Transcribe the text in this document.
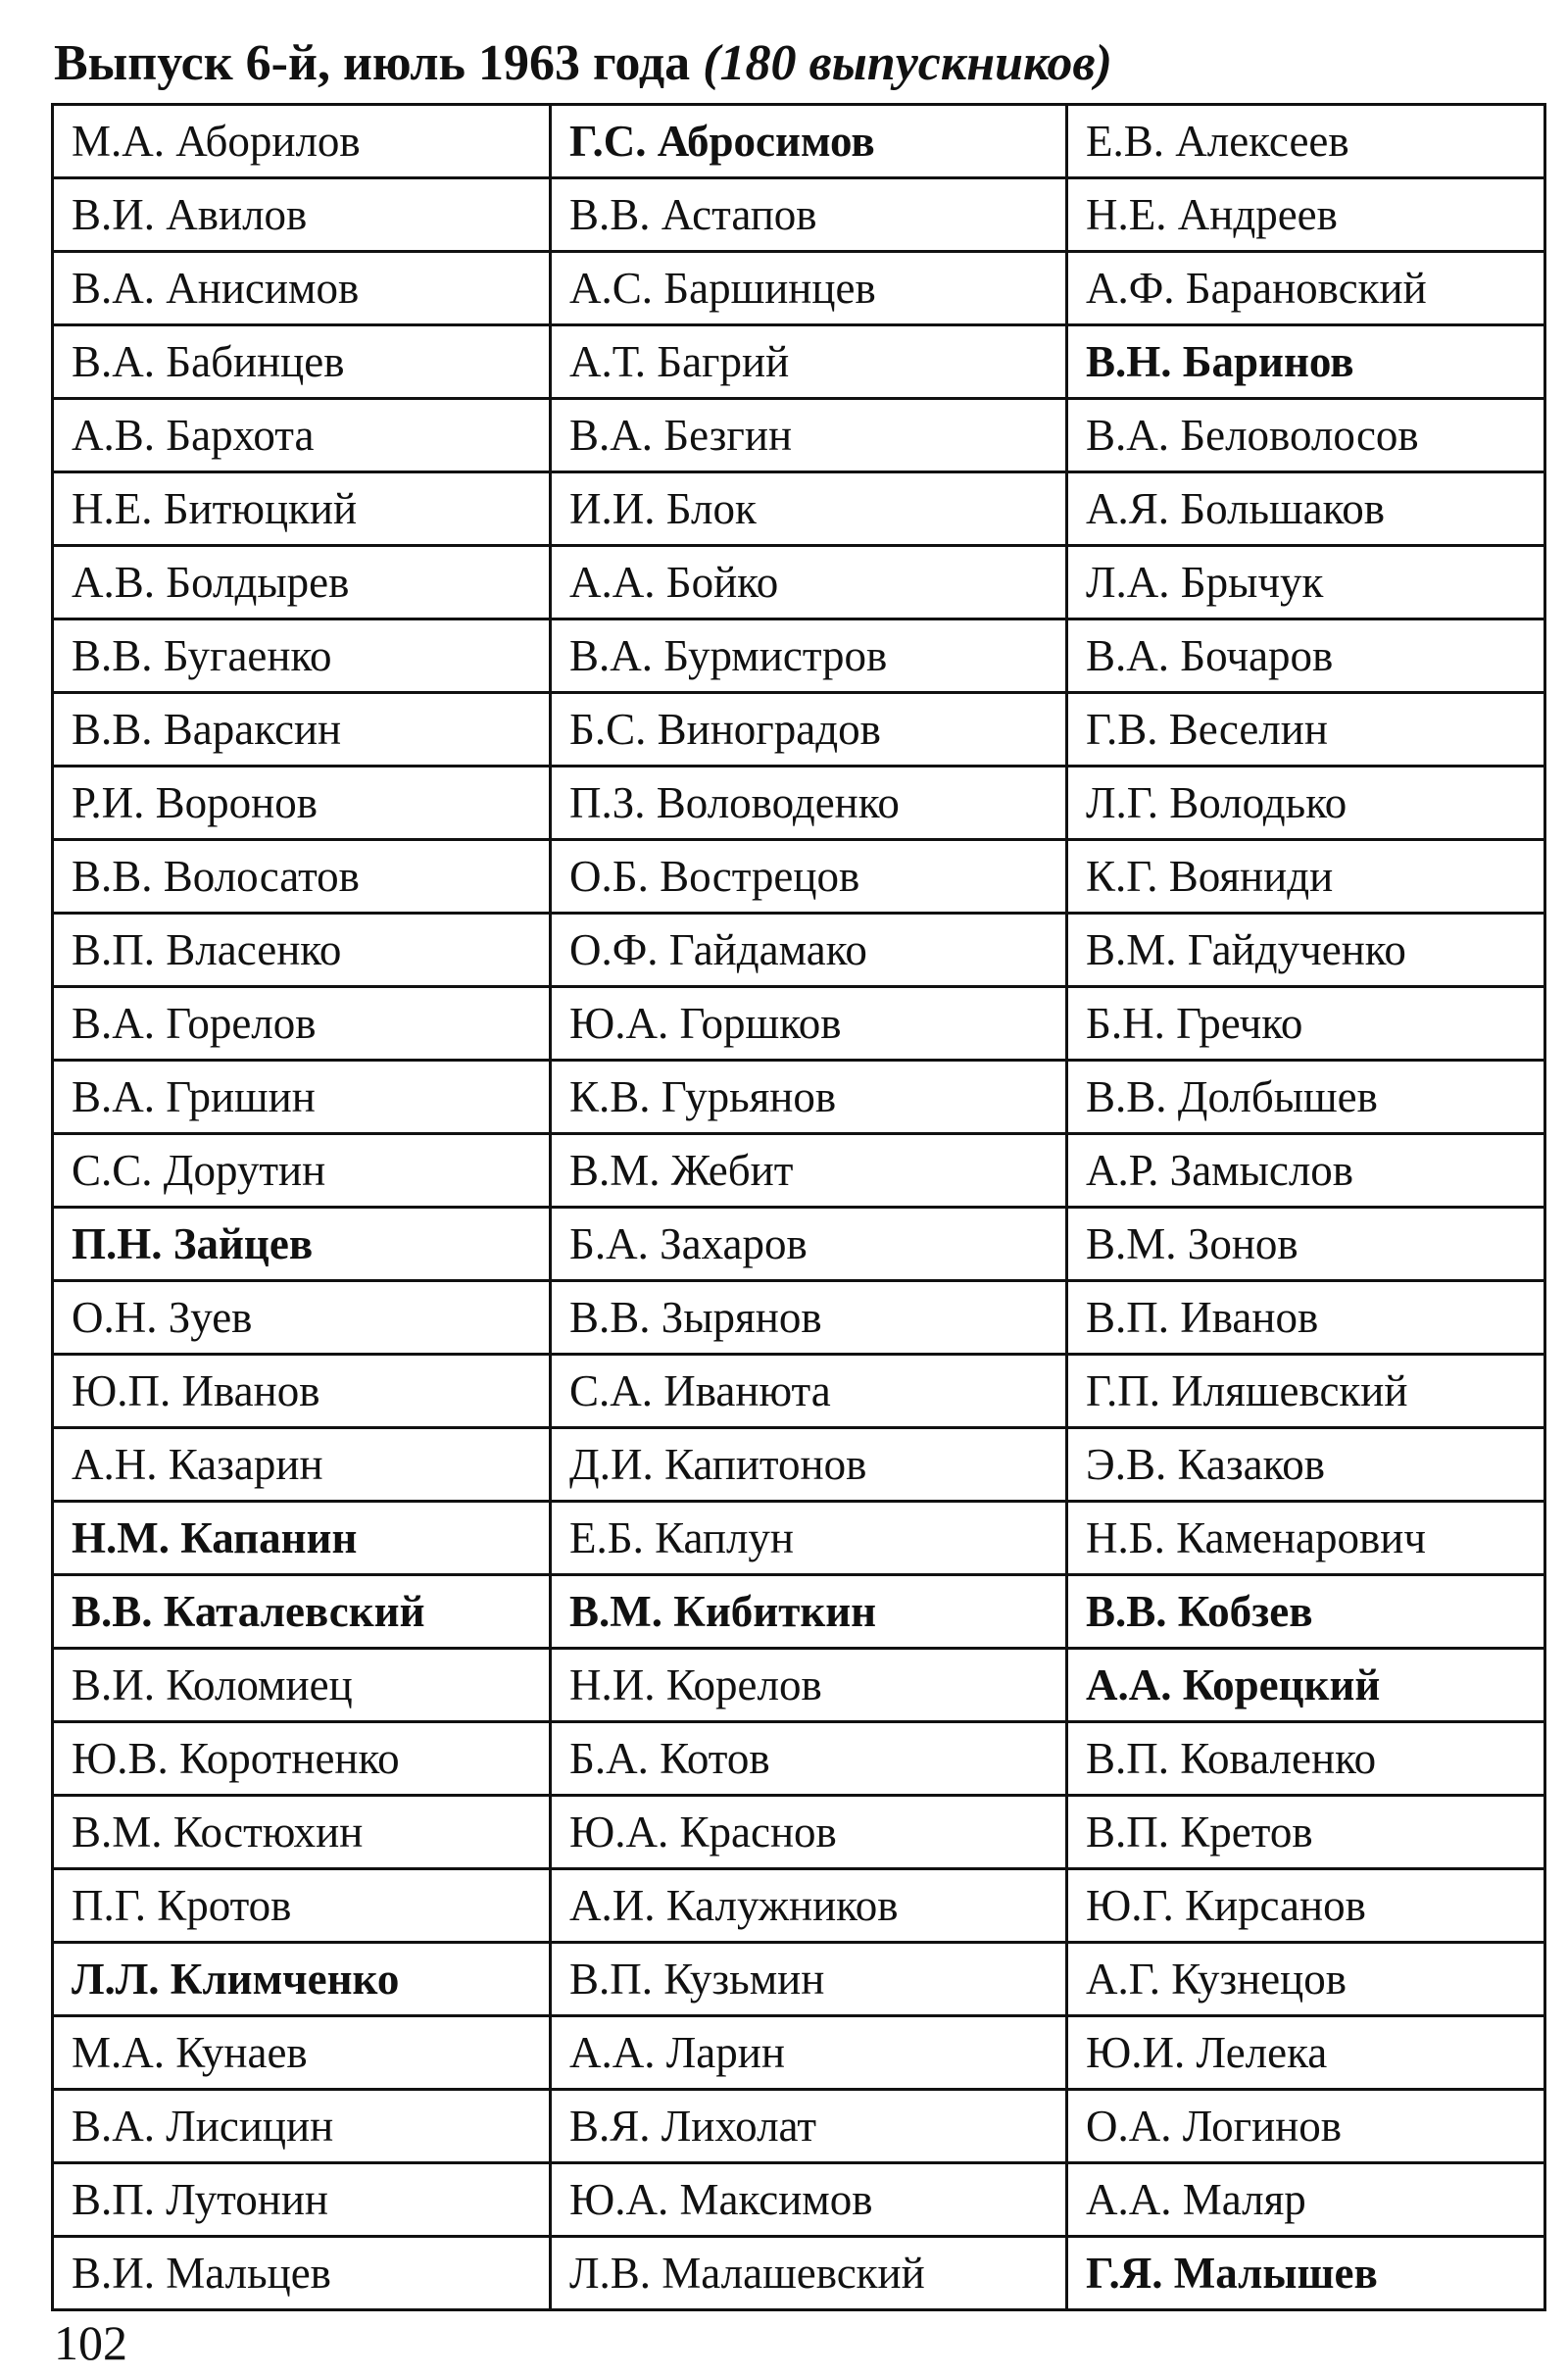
Выпуск 6-й, июль 1963 года (180 выпускников)
М.А. Аборилов	Г.С. Абросимов	Е.В. Алексеев
В.И. Авилов	В.В. Астапов	Н.Е. Андреев
В.А. Анисимов	А.С. Баршинцев	А.Ф. Барановский
В.А. Бабинцев	А.Т. Багрий	В.Н. Баринов
А.В. Бархота	В.А. Безгин	В.А. Беловолосов
Н.Е. Битюцкий	И.И. Блок	А.Я. Большаков
А.В. Болдырев	А.А. Бойко	Л.А. Брычук
В.В. Бугаенко	В.А. Бурмистров	В.А. Бочаров
В.В. Вараксин	Б.С. Виноградов	Г.В. Веселин
Р.И. Воронов	П.З. Воловоденко	Л.Г. Володько
В.В. Волосатов	О.Б. Вострецов	К.Г. Вояниди
В.П. Власенко	О.Ф. Гайдамако	В.М. Гайдученко
В.А. Горелов	Ю.А. Горшков	Б.Н. Гречко
В.А. Гришин	К.В. Гурьянов	В.В. Долбышев
С.С. Дорутин	В.М. Жебит	А.Р. Замыслов
П.Н. Зайцев	Б.А. Захаров	В.М. Зонов
О.Н. Зуев	В.В. Зырянов	В.П. Иванов
Ю.П. Иванов	С.А. Иванюта	Г.П. Иляшевский
А.Н. Казарин	Д.И. Капитонов	Э.В. Казаков
Н.М. Капанин	Е.Б. Каплун	Н.Б. Каменарович
В.В. Каталевский	В.М. Кибиткин	В.В. Кобзев
В.И. Коломиец	Н.И. Корелов	А.А. Корецкий
Ю.В. Коротненко	Б.А. Котов	В.П. Коваленко
В.М. Костюхин	Ю.А. Краснов	В.П. Кретов
П.Г. Кротов	А.И. Калужников	Ю.Г. Кирсанов
Л.Л. Климченко	В.П. Кузьмин	А.Г. Кузнецов
М.А. Кунаев	А.А. Ларин	Ю.И. Лелека
В.А. Лисицин	В.Я. Лихолат	О.А. Логинов
В.П. Лутонин	Ю.А. Максимов	А.А. Маляр
В.И. Мальцев	Л.В. Малашевский	Г.Я. Малышев
102
